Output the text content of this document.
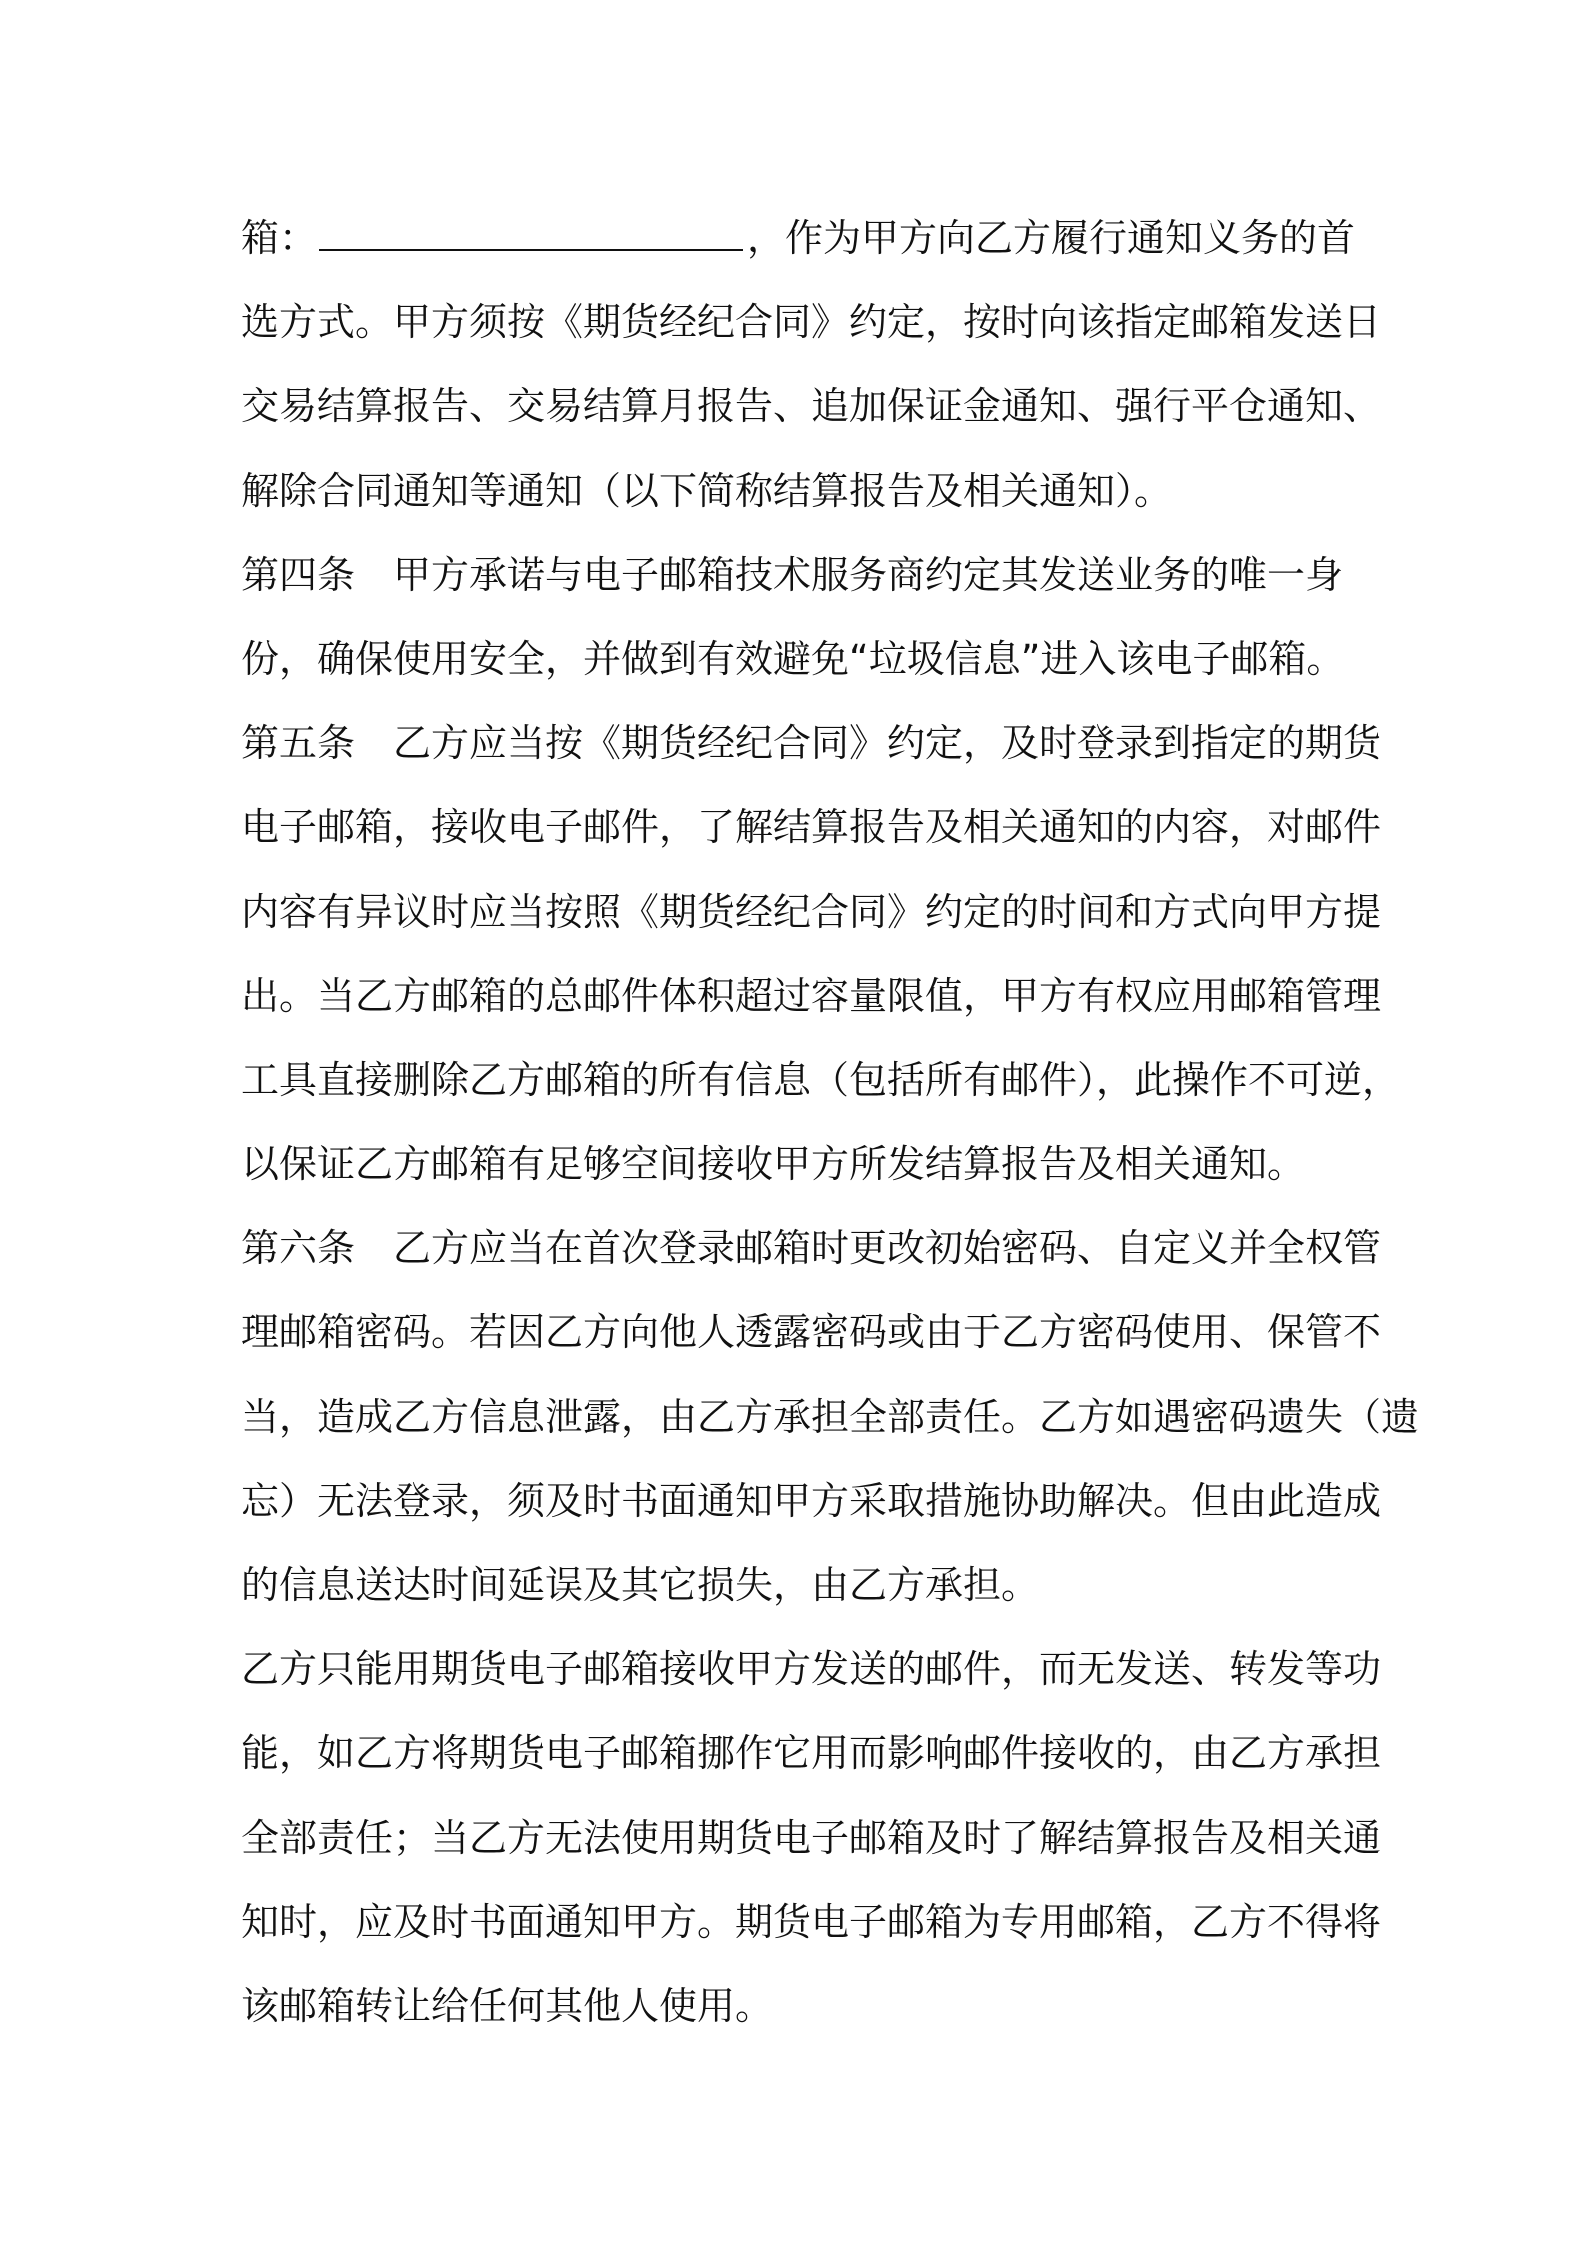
箱：	，作为甲方向乙方履行通知义务的首
选方式。甲方须按《期货经纪合同》约定，按时向该指定邮箱发送日
交易结算报告、交易结算月报告、追加保证金通知、强行平仓通知、
解除合同通知等通知（以下简称结算报告及相关通知）。
第四条　甲方承诺与电子邮箱技术服务商约定其发送业务的唯一身
份，确保使用安全，并做到有效避免“垃圾信息”进入该电子邮箱。
第五条　乙方应当按《期货经纪合同》约定，及时登录到指定的期货
电子邮箱，接收电子邮件，了解结算报告及相关通知的内容，对邮件
内容有异议时应当按照《期货经纪合同》约定的时间和方式向甲方提
出。当乙方邮箱的总邮件体积超过容量限值，甲方有权应用邮箱管理
工具直接删除乙方邮箱的所有信息（包括所有邮件），此操作不可逆，
以保证乙方邮箱有足够空间接收甲方所发结算报告及相关通知。
第六条　乙方应当在首次登录邮箱时更改初始密码、自定义并全权管
理邮箱密码。若因乙方向他人透露密码或由于乙方密码使用、保管不
当，造成乙方信息泄露，由乙方承担全部责任。乙方如遇密码遗失（遗
忘）无法登录，须及时书面通知甲方采取措施协助解决。但由此造成
的信息送达时间延误及其它损失，由乙方承担。
乙方只能用期货电子邮箱接收甲方发送的邮件，而无发送、转发等功
能，如乙方将期货电子邮箱挪作它用而影响邮件接收的，由乙方承担
全部责任；当乙方无法使用期货电子邮箱及时了解结算报告及相关通
知时，应及时书面通知甲方。期货电子邮箱为专用邮箱，乙方不得将
该邮箱转让给任何其他人使用。
